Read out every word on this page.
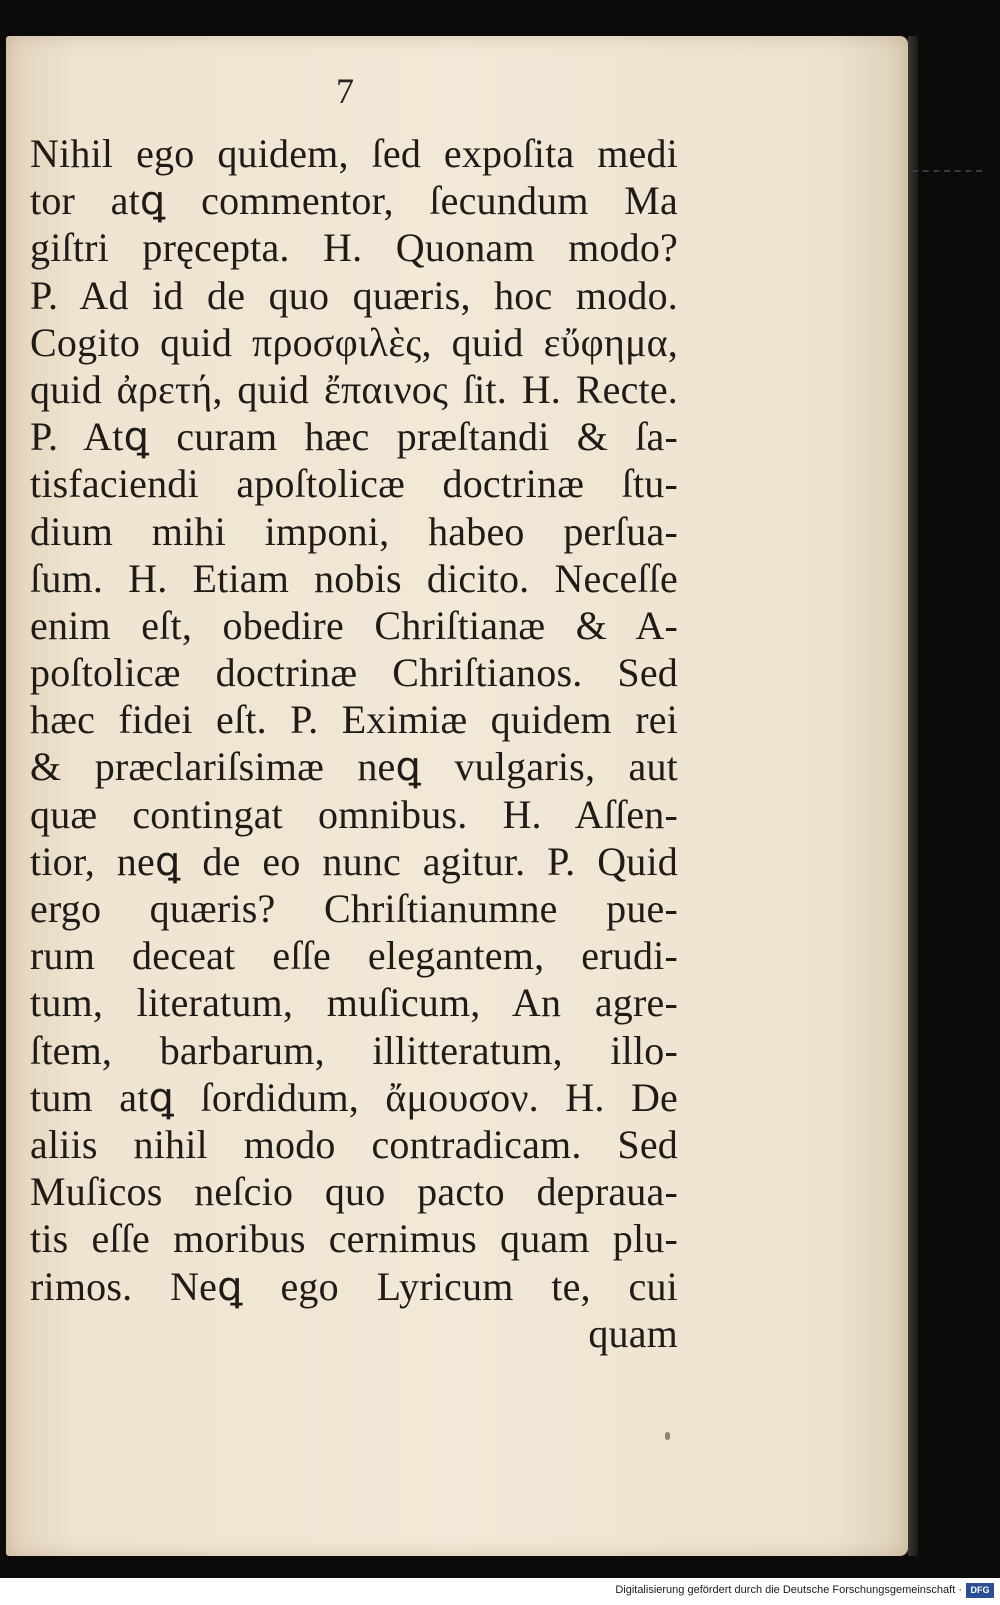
7
Nihil ego quidem, ſed expoſita medi
tor atꝗ commentor, ſecundum Ma
giſtri pręcepta. H. Quonam modo?
P. Ad id de quo quæris, hoc modo.
Cogito quid προσφιλὲς, quid εὔφημα,
quid ἀρετή, quid ἔπαινος ſit. H. Recte.
P. Atꝗ curam hæc præſtandi & ſa-
tisfaciendi apoſtolicæ doctrinæ ſtu-
dium mihi imponi, habeo perſua-
ſum. H. Etiam nobis dicito. Neceſſe
enim eſt, obedire Chriſtianæ & A-
poſtolicæ doctrinæ Chriſtianos. Sed
hæc fidei eſt. P. Eximiæ quidem rei
& præclariſsimæ neꝗ vulgaris, aut
quæ contingat omnibus. H. Aſſen-
tior, neꝗ de eo nunc agitur. P. Quid
ergo quæris? Chriſtianumne pue-
rum deceat eſſe elegantem, erudi-
tum, literatum, muſicum, An agre-
ſtem, barbarum, illitteratum, illo-
tum atꝗ ſordidum, ἄμουσον. H. De
aliis nihil modo contradicam. Sed
Muſicos neſcio quo pacto deprauа-
tis eſſe moribus cernimus quam plu-
rimos. Neꝗ ego Lyricum te, cui
quam
Digitalisierung gefördert durch die Deutsche Forschungsgemeinschaft · DFG
